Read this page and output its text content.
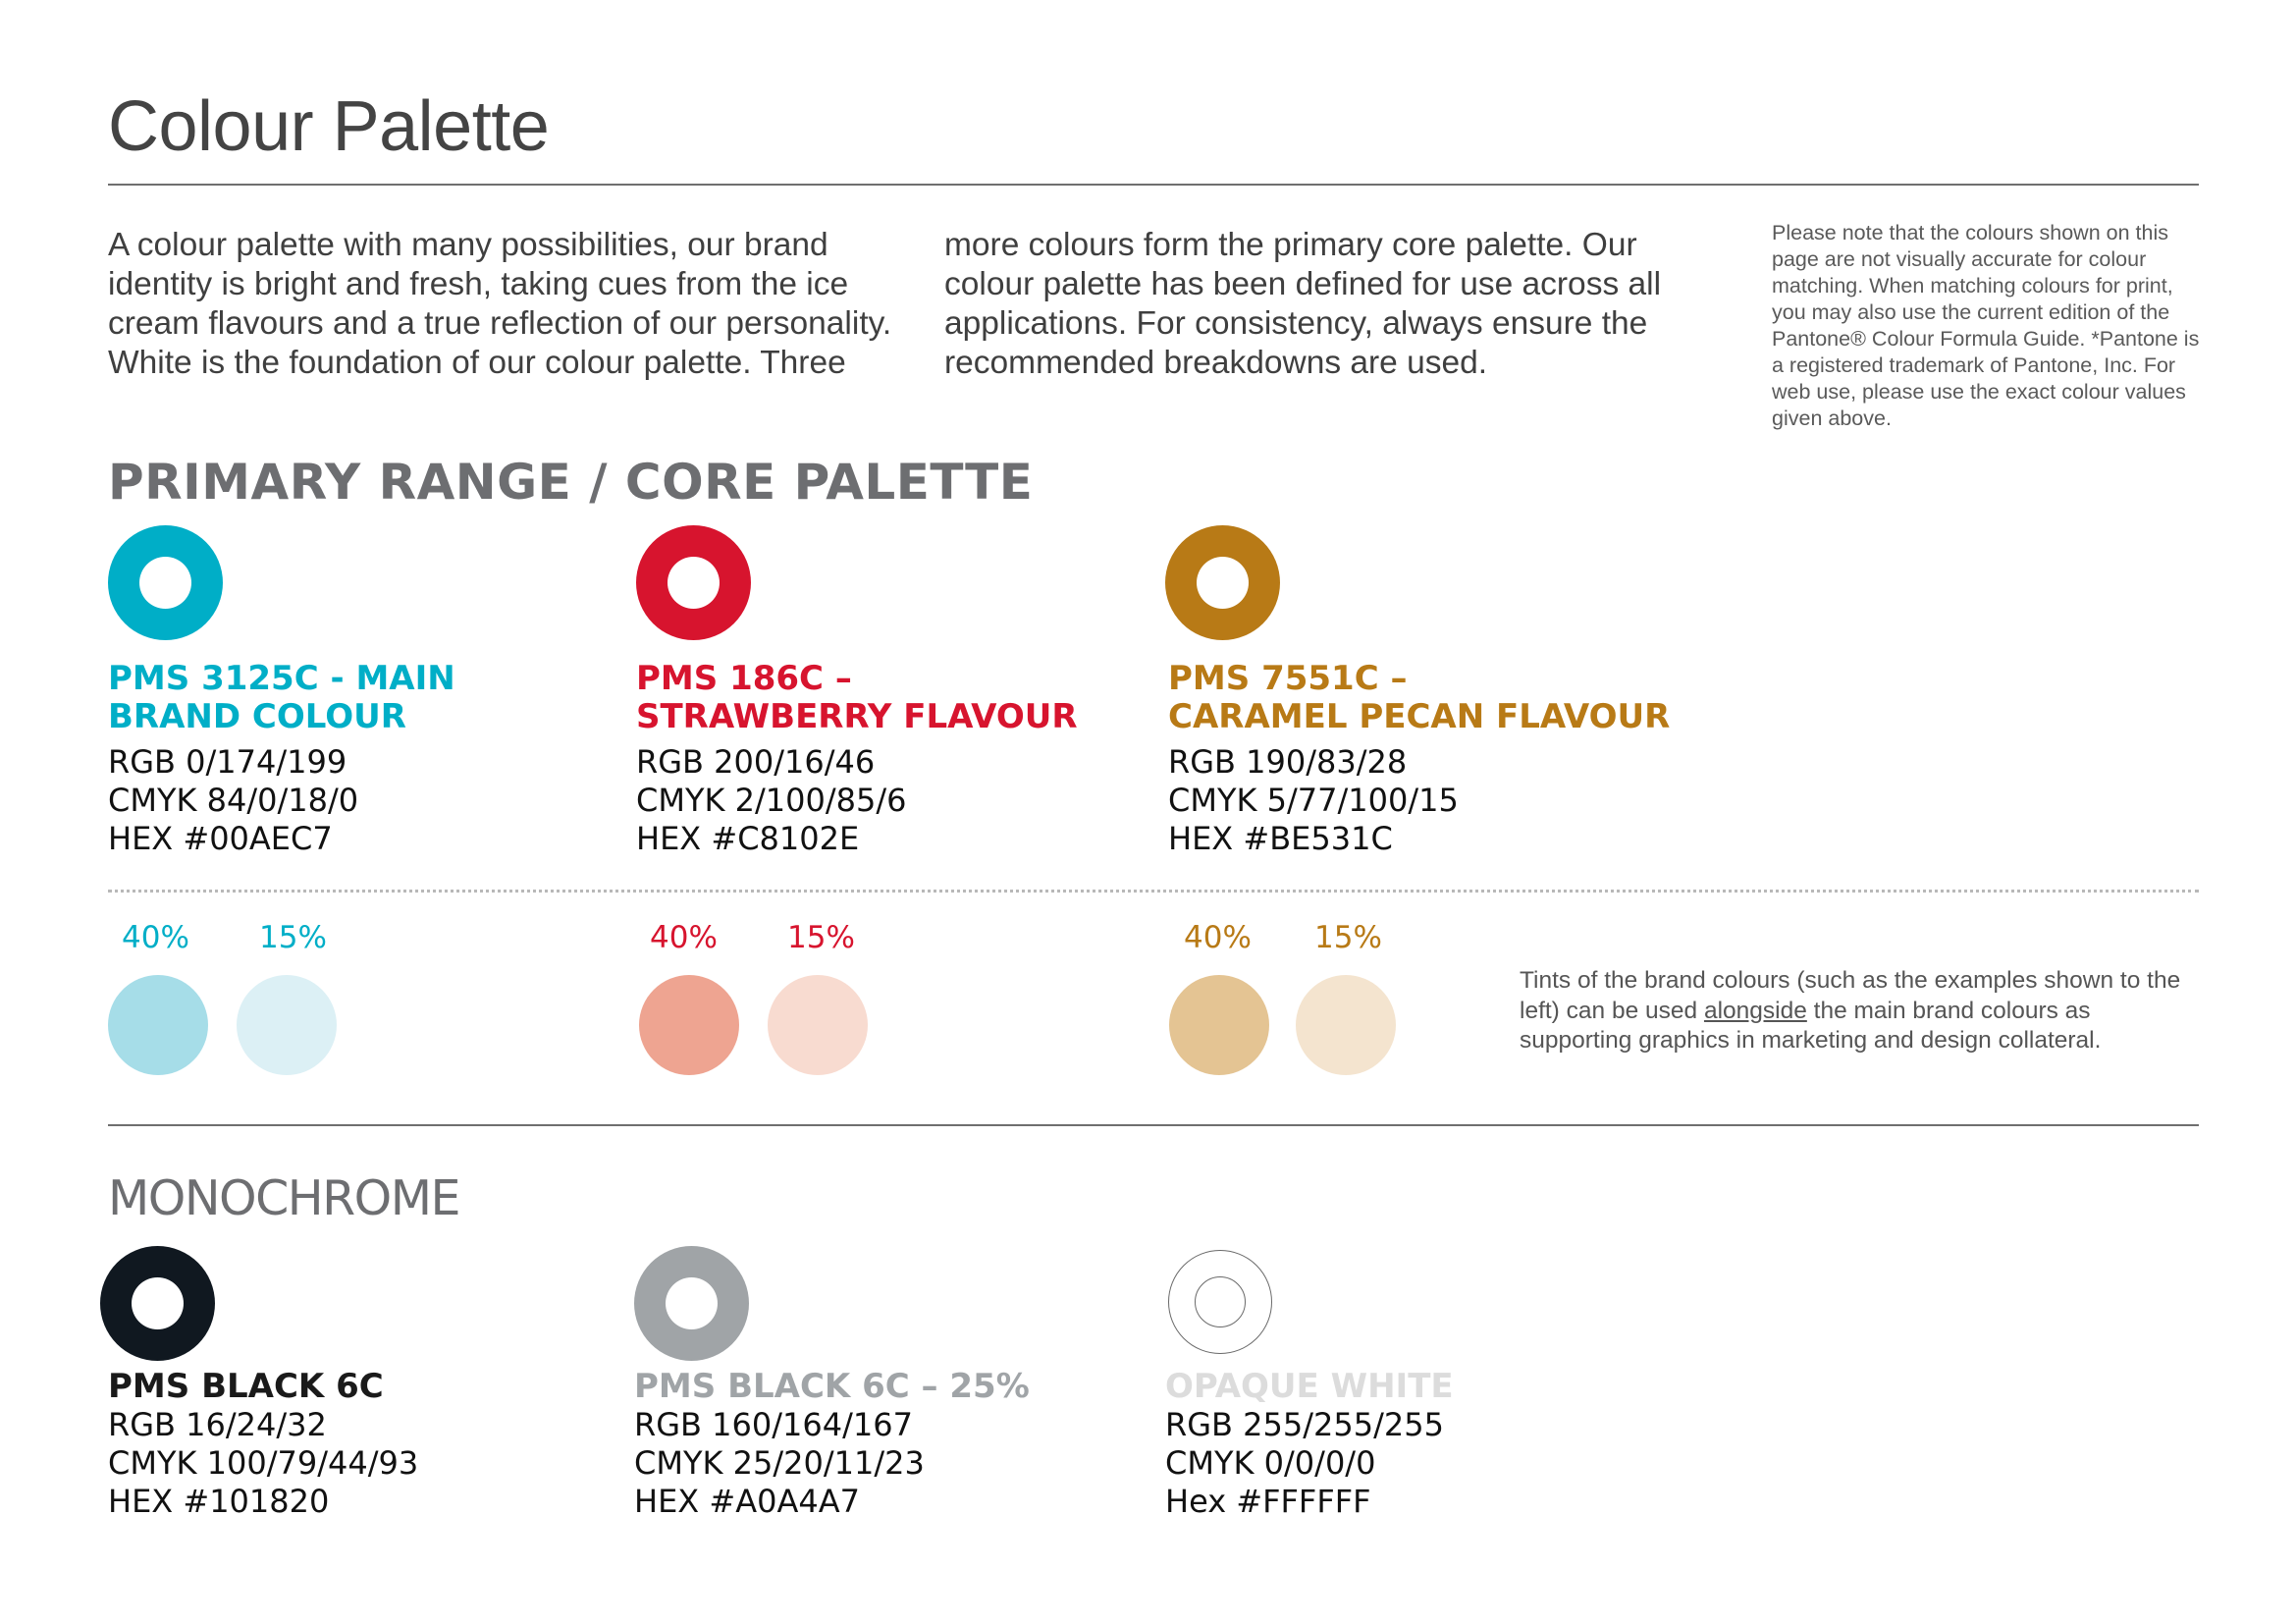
Colour Palette
A colour palette with many possibilities, our brand identity is bright and fresh, taking cues from the ice cream flavours and a true reflection of our personality. White is the foundation of our colour palette. Three
more colours form the primary core palette. Our colour palette has been defined for use across all applications. For consistency, always ensure the recommended breakdowns are used.
Please note that the colours shown on this page are not visually accurate for colour matching. When matching colours for print, you may also use the current edition of the Pantone® Colour Formula Guide. *Pantone is a registered trademark of Pantone, Inc. For web use, please use the exact colour values given above.
PRIMARY RANGE / CORE PALETTE
PMS 3125C - MAIN
BRAND COLOUR
RGB 0/174/199
CMYK 84/0/18/0
HEX #00AEC7
PMS 186C –
STRAWBERRY FLAVOUR
RGB 200/16/46
CMYK 2/100/85/6
HEX #C8102E
PMS 7551C –
CARAMEL PECAN FLAVOUR
RGB 190/83/28
CMYK 5/77/100/15
HEX #BE531C
40% 15%	40% 15%	40% 15%
Tints of the brand colours (such as the examples shown to the left) can be used alongside the main brand colours as supporting graphics in marketing and design collateral.
MONOCHROME
PMS BLACK 6C
RGB 16/24/32
CMYK 100/79/44/93
HEX #101820
PMS BLACK 6C – 25%
RGB 160/164/167
CMYK 25/20/11/23
HEX #A0A4A7
OPAQUE WHITE
RGB 255/255/255
CMYK 0/0/0/0
Hex #FFFFFF
